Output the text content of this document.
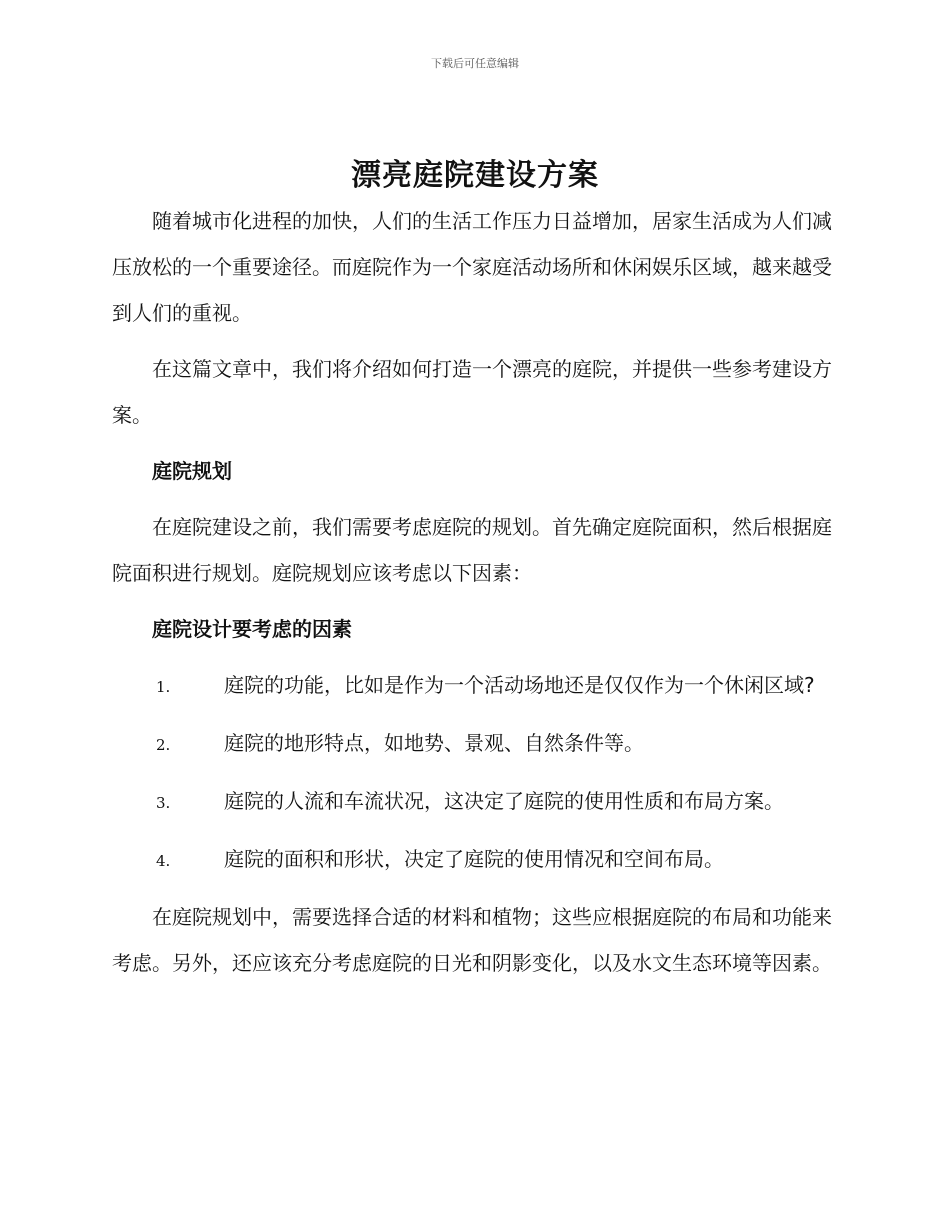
下载后可任意编辑
漂亮庭院建设方案

随着城市化进程的加快，人们的生活工作压力日益增加，居家生活成为人们减压放松的一个重要途径。而庭院作为一个家庭活动场所和休闲娱乐区域，越来越受到人们的重视。

在这篇文章中，我们将介绍如何打造一个漂亮的庭院，并提供一些参考建设方案。

庭院规划

在庭院建设之前，我们需要考虑庭院的规划。首先确定庭院面积，然后根据庭院面积进行规划。庭院规划应该考虑以下因素：

庭院设计要考虑的因素

1.	庭院的功能，比如是作为一个活动场地还是仅仅作为一个休闲区域?
2.	庭院的地形特点，如地势、景观、自然条件等。
3.	庭院的人流和车流状况，这决定了庭院的使用性质和布局方案。
4.	庭院的面积和形状，决定了庭院的使用情况和空间布局。

在庭院规划中，需要选择合适的材料和植物；这些应根据庭院的布局和功能来考虑。另外，还应该充分考虑庭院的日光和阴影变化，以及水文生态环境等因素。
